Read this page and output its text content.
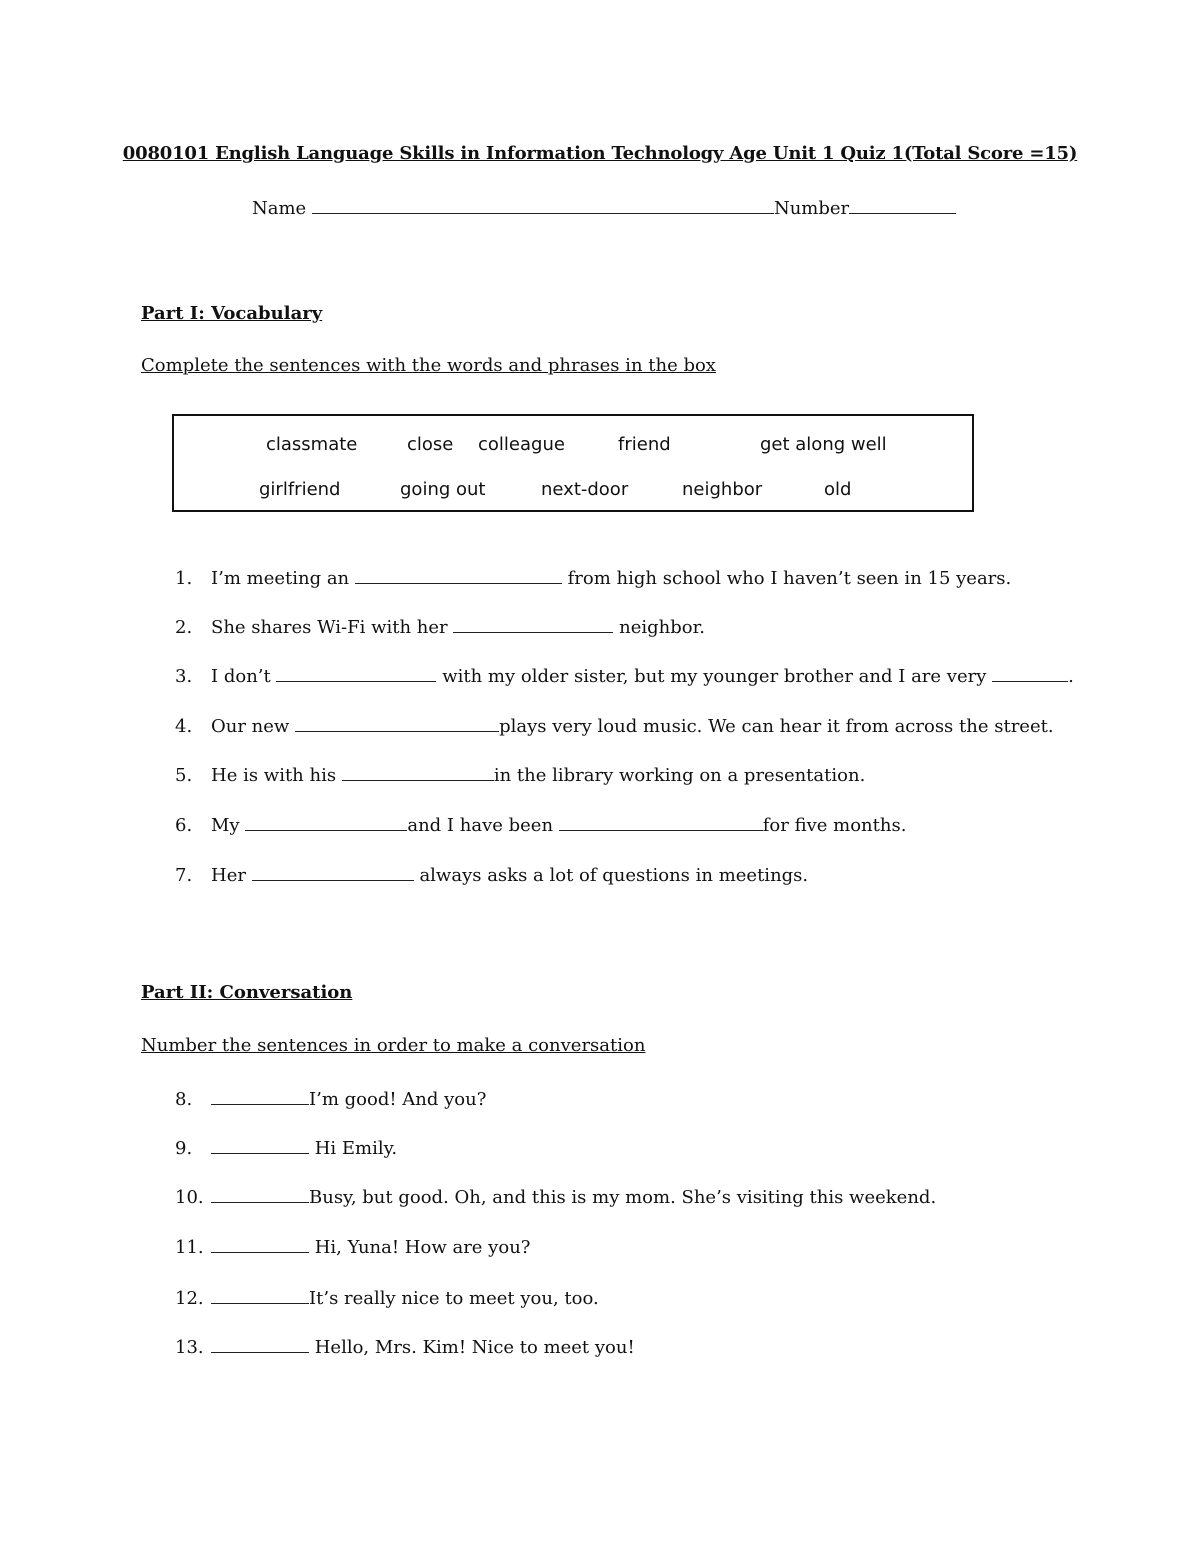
0080101 English Language Skills in Information Technology Age Unit 1 Quiz 1(Total Score =15)
Name	Number
Part I: Vocabulary
Complete the sentences with the words and phrases in the box
classmate	close colleague	friend	get along well
girlfriend	going out	next-door	neighbor	old
1. I’m meeting an	from high school who I haven’t seen in 15 years.
2. She shares Wi-Fi with her	neighbor.
3. I don’t	with my older sister, but my younger brother and I are very	.
4. Our new	plays very loud music. We can hear it from across the street.
5. He is with his	in the library working on a presentation.
6. My	and I have been	for five months.
7. Her	always asks a lot of questions in meetings.
Part II: Conversation
Number the sentences in order to make a conversation
8.	I’m good! And you?
9.	Hi Emily.
10.	Busy, but good. Oh, and this is my mom. She’s visiting this weekend.
11.	Hi, Yuna! How are you?
12.	It’s really nice to meet you, too.
13.	Hello, Mrs. Kim! Nice to meet you!
